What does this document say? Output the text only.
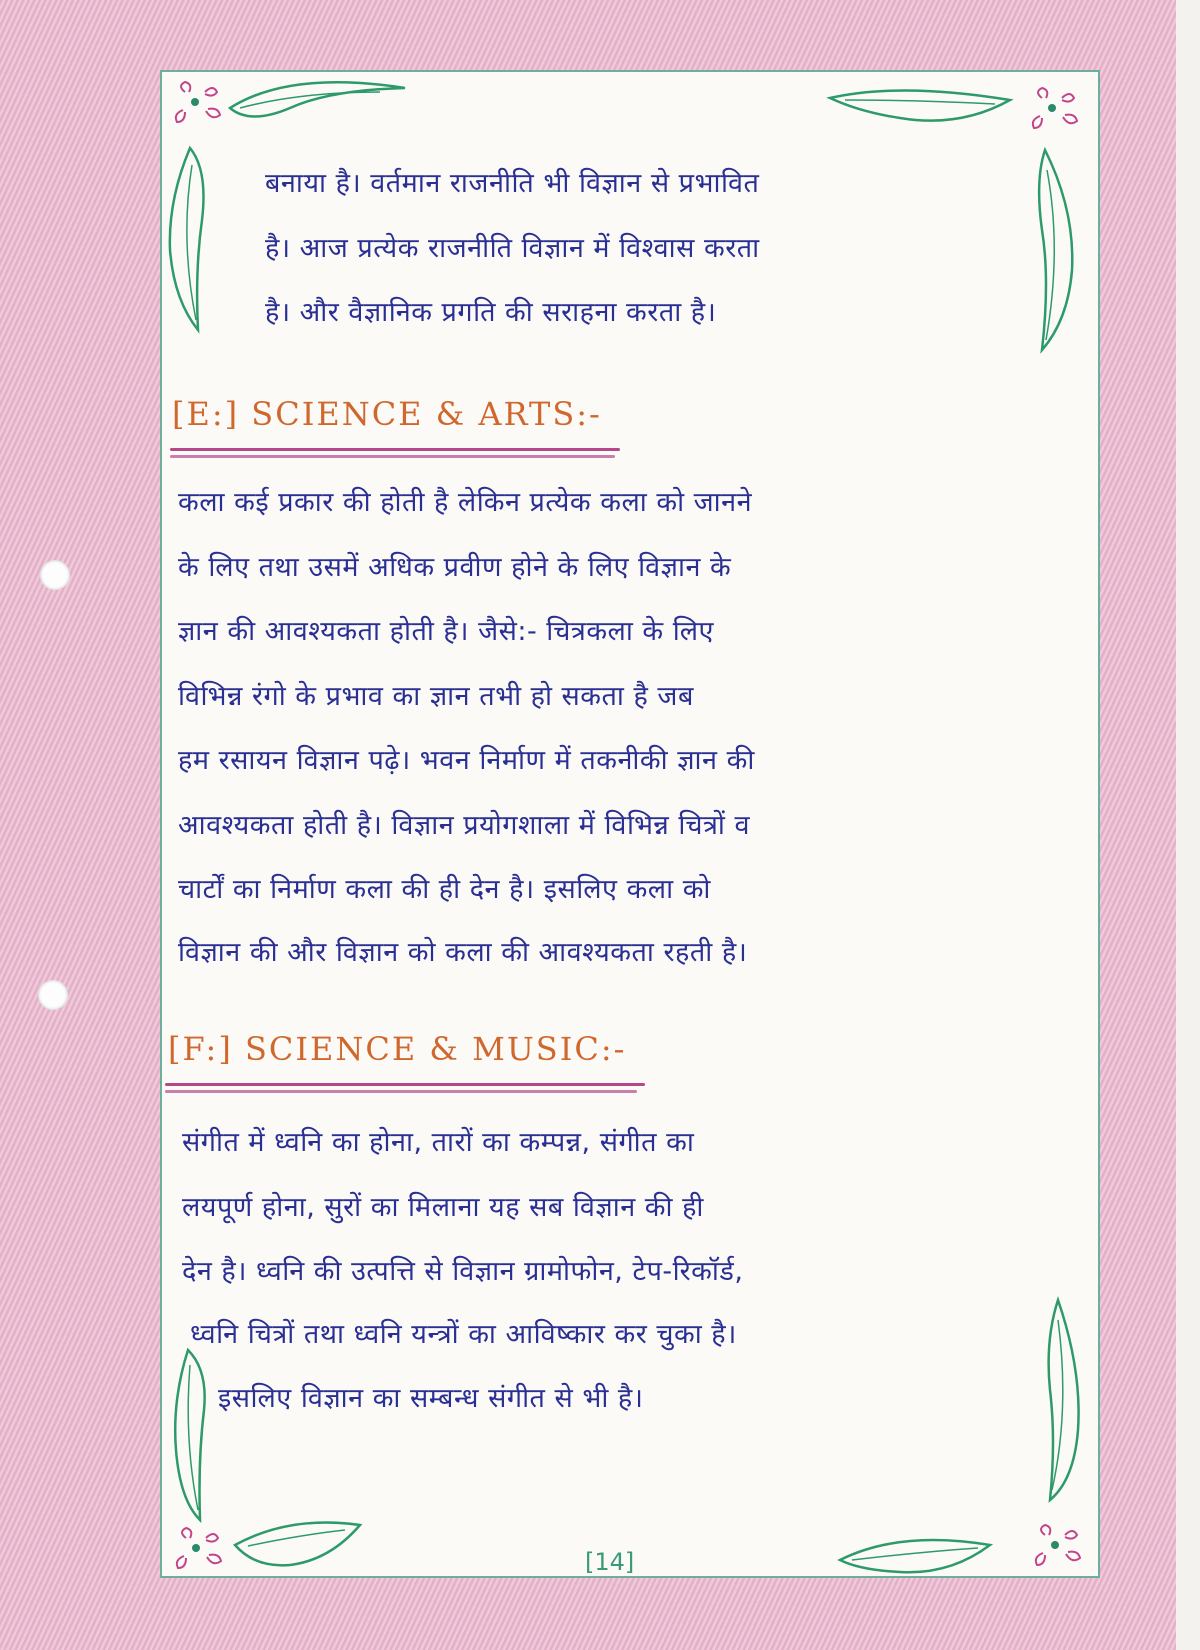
बनाया है। वर्तमान राजनीति भी विज्ञान से प्रभावित
है। आज प्रत्येक राजनीति विज्ञान में विश्वास करता
है। और वैज्ञानिक प्रगति की सराहना करता है।
[E:] SCIENCE & ARTS:-
कला कई प्रकार की होती है लेकिन प्रत्येक कला को जानने
के लिए तथा उसमें अधिक प्रवीण होने के लिए विज्ञान के
ज्ञान की आवश्यकता होती है। जैसे:- चित्रकला के लिए
विभिन्न रंगो के प्रभाव का ज्ञान तभी हो सकता है जब
हम रसायन विज्ञान पढ़े। भवन निर्माण में तकनीकी ज्ञान की
आवश्यकता होती है। विज्ञान प्रयोगशाला में विभिन्न चित्रों व
चार्टों का निर्माण कला की ही देन है। इसलिए कला को
विज्ञान की और विज्ञान को कला की आवश्यकता रहती है।
[F:] SCIENCE & MUSIC:-
संगीत में ध्वनि का होना, तारों का कम्पन्न, संगीत का
लयपूर्ण होना, सुरों का मिलाना यह सब विज्ञान की ही
देन है। ध्वनि की उत्पत्ति से विज्ञान ग्रामोफोन, टेप-रिकॉर्ड,
ध्वनि चित्रों तथा ध्वनि यन्त्रों का आविष्कार कर चुका है।
इसलिए विज्ञान का सम्बन्ध संगीत से भी है।
[14]
